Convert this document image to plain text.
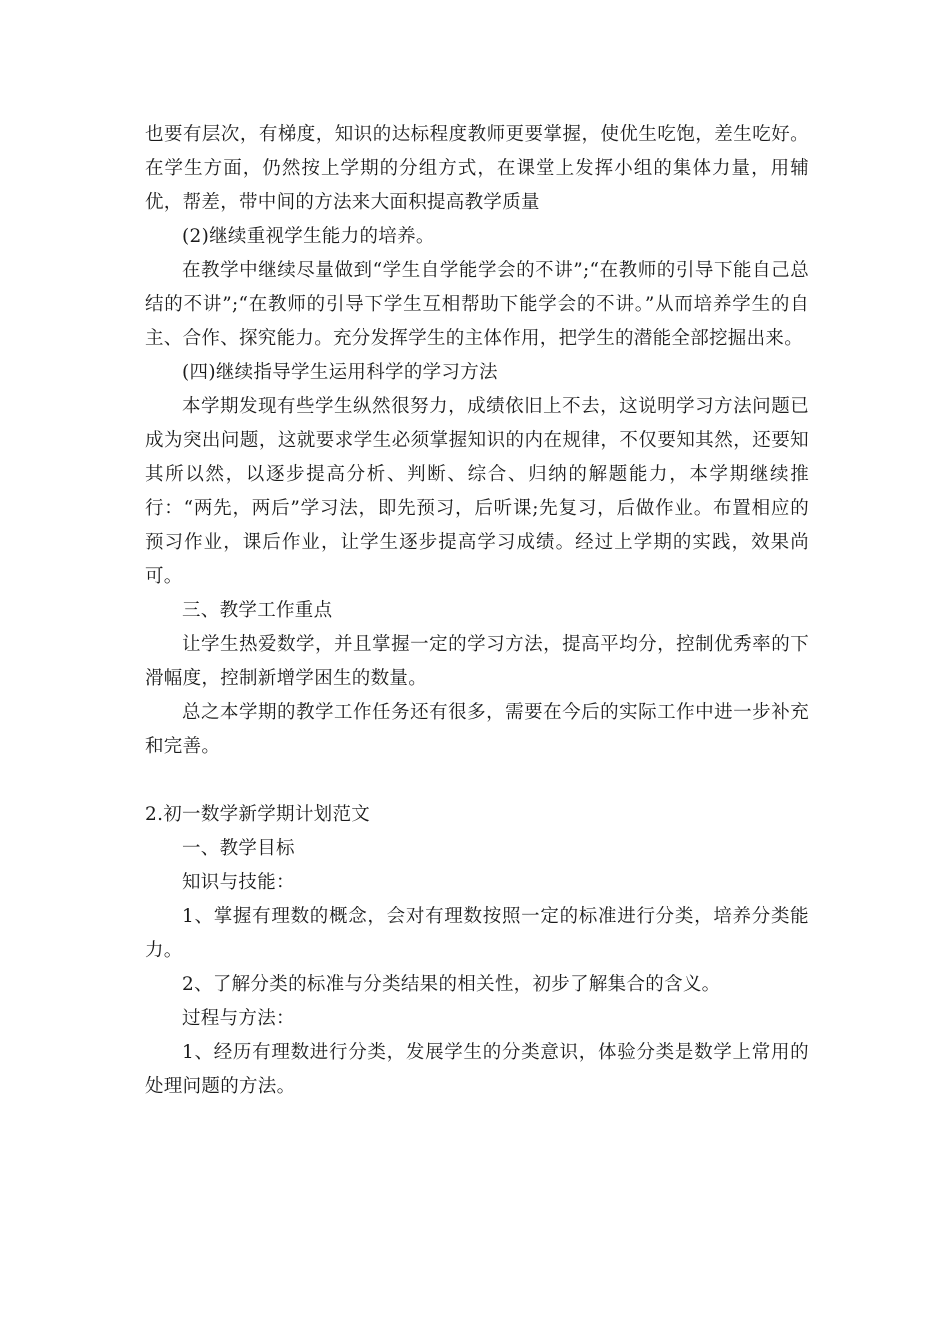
也要有层次，有梯度，知识的达标程度教师更要掌握，使优生吃饱，差生吃好。在学生方面，仍然按上学期的分组方式，在课堂上发挥小组的集体力量，用辅优，帮差，带中间的方法来大面积提高教学质量

(2)继续重视学生能力的培养。

在教学中继续尽量做到“学生自学能学会的不讲”;“在教师的引导下能自己总结的不讲”;“在教师的引导下学生互相帮助下能学会的不讲。”从而培养学生的自主、合作、探究能力。充分发挥学生的主体作用，把学生的潜能全部挖掘出来。

(四)继续指导学生运用科学的学习方法

本学期发现有些学生纵然很努力，成绩依旧上不去，这说明学习方法问题已成为突出问题，这就要求学生必须掌握知识的内在规律，不仅要知其然，还要知其所以然，以逐步提高分析、判断、综合、归纳的解题能力，本学期继续推行：“两先，两后”学习法，即先预习，后听课;先复习，后做作业。布置相应的预习作业，课后作业，让学生逐步提高学习成绩。经过上学期的实践，效果尚可。

三、教学工作重点

让学生热爱数学，并且掌握一定的学习方法，提高平均分，控制优秀率的下滑幅度，控制新增学困生的数量。

总之本学期的教学工作任务还有很多，需要在今后的实际工作中进一步补充和完善。

2.初一数学新学期计划范文

一、教学目标

知识与技能：

1、掌握有理数的概念，会对有理数按照一定的标准进行分类，培养分类能力。

2、了解分类的标准与分类结果的相关性，初步了解集合的含义。

过程与方法：

1、经历有理数进行分类，发展学生的分类意识，体验分类是数学上常用的处理问题的方法。
